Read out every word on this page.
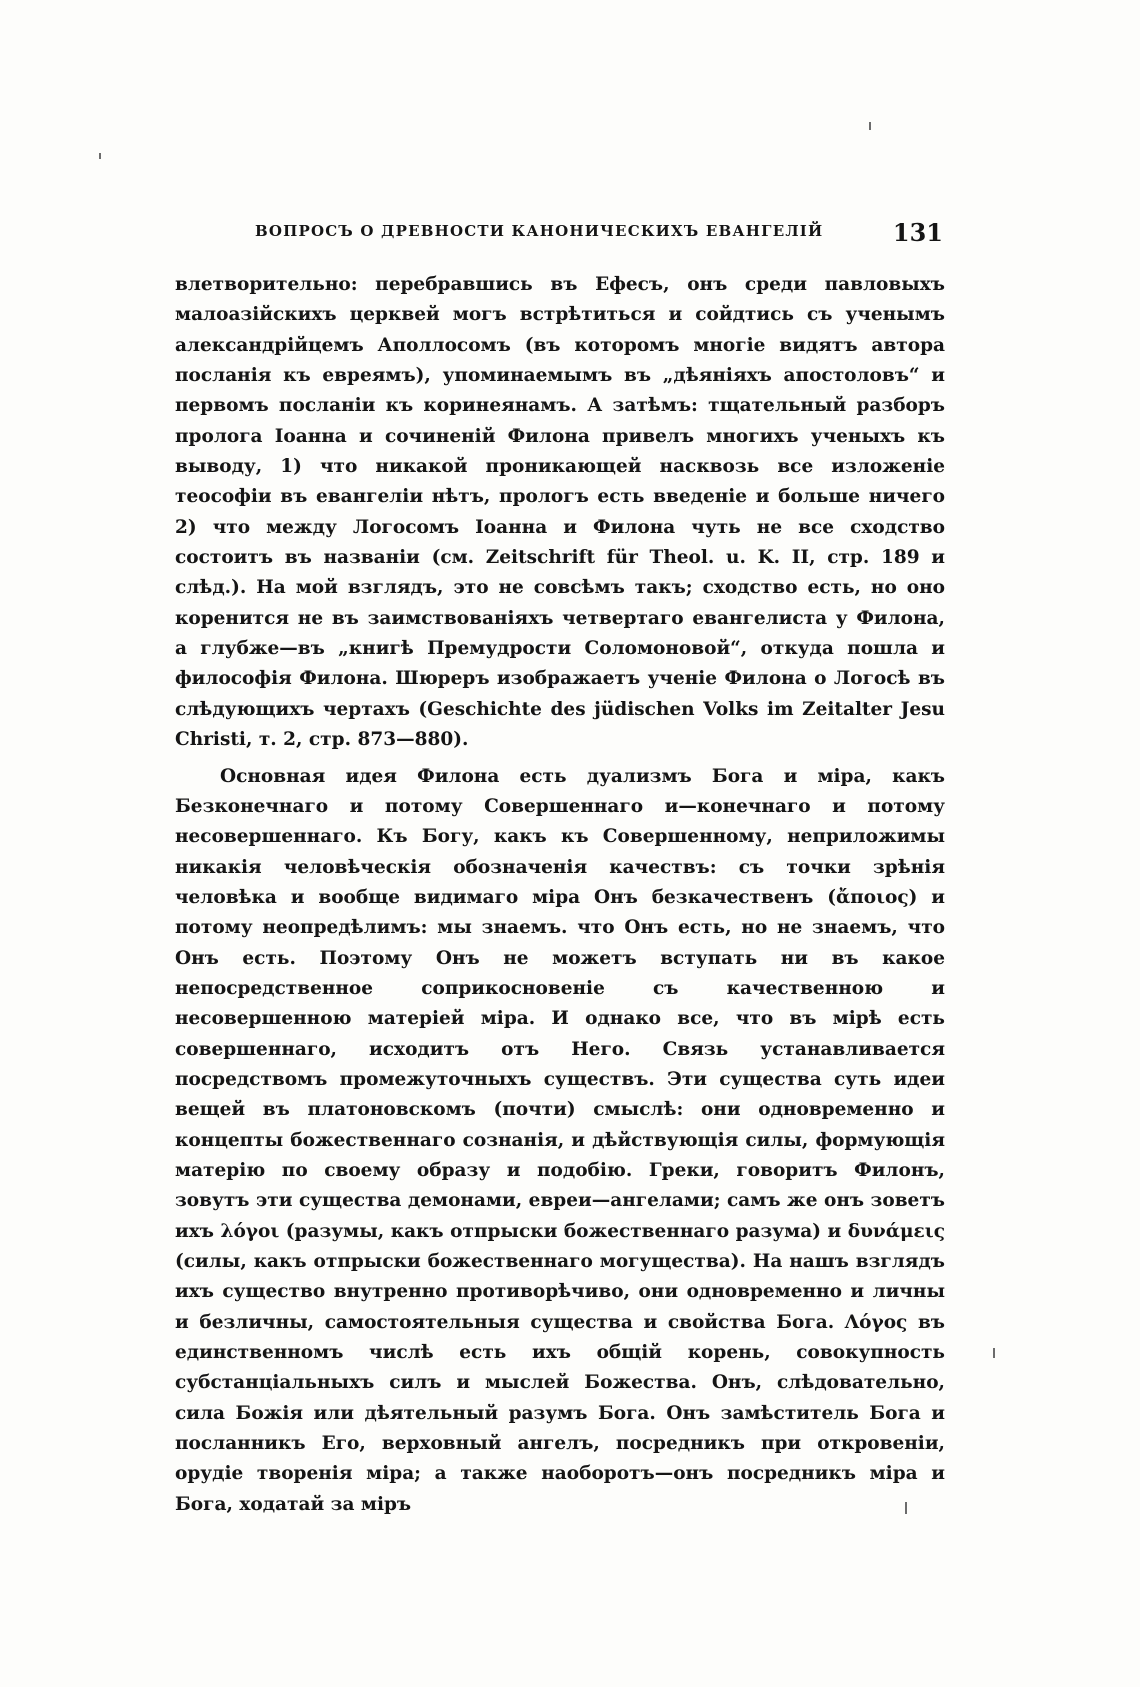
ВОПРОСЪ О ДРЕВНОСТИ КАНОНИЧЕСКИХЪ ЕВАНГЕЛІЙ	131

влетворительно: перебравшись въ Ефесъ, онъ среди павловыхъ малоазійскихъ церквей могъ встрѣтиться и сойдтись съ ученымъ александрійцемъ Аполлосомъ (въ которомъ многіе видятъ автора посланія къ евреямъ), упоминаемымъ въ „дѣяніяхъ апостоловъ“ и первомъ посланіи къ коринеянамъ. А затѣмъ: тщательный разборъ пролога Іоанна и сочиненій Филона привелъ многихъ ученыхъ къ выводу, 1) что никакой проникающей насквозь все изложеніе теософіи въ евангеліи нѣтъ, прологъ есть введеніе и больше ничего 2) что между Логосомъ Іоанна и Филона чуть не все сходство состоитъ въ названіи (см. Zeitschrift für Theol. u. K. II, стр. 189 и слѣд.). На мой взглядъ, это не совсѣмъ такъ; сходство есть, но оно коренится не въ заимствованіяхъ четвертаго евангелиста у Филона, а глубже—въ „книгѣ Премудрости Соломоновой“, откуда пошла и философія Филона. Шюреръ изображаетъ ученіе Филона о Логосѣ въ слѣдующихъ чертахъ (Geschichte des jüdischen Volks im Zeitalter Jesu Christi, т. 2, стр. 873—880).

Основная идея Филона есть дуализмъ Бога и міра, какъ Безконечнаго и потому Совершеннаго и—конечнаго и потому несовершеннаго. Къ Богу, какъ къ Совершенному, неприложимы никакія человѣческія обозначенія качествъ: съ точки зрѣнія человѣка и вообще видимаго міра Онъ безкачественъ (ἄποιος) и потому неопредѣлимъ: мы знаемъ. что Онъ есть, но не знаемъ, что Онъ есть. Поэтому Онъ не можетъ вступать ни въ какое непосредственное соприкосновеніе съ качественною и несовершенною матеріей міра. И однако все, что въ мірѣ есть совершеннаго, исходитъ отъ Него. Связь устанавливается посредствомъ промежуточныхъ существъ. Эти существа суть идеи вещей въ платоновскомъ (почти) смыслѣ: они одновременно и концепты божественнаго сознанія, и дѣйствующія силы, формующія матерію по своему образу и подобію. Греки, говоритъ Филонъ, зовутъ эти существа демонами, евреи—ангелами; самъ же онъ зоветъ ихъ λόγοι (разумы, какъ отпрыски божественнаго разума) и δυνάμεις (силы, какъ отпрыски божественнаго могущества). На нашъ взглядъ ихъ существо внутренно противорѣчиво, они одновременно и личны и безличны, самостоятельныя существа и свойства Бога. Λόγος въ единственномъ числѣ есть ихъ общій корень, совокупность субстанціальныхъ силъ и мыслей Божества. Онъ, слѣдовательно, сила Божія или дѣятельный разумъ Бога. Онъ замѣститель Бога и посланникъ Его, верховный ангелъ, посредникъ при откровеніи, орудіе творенія міра; а также наоборотъ—онъ посредникъ міра и Бога, ходатай за міръ
